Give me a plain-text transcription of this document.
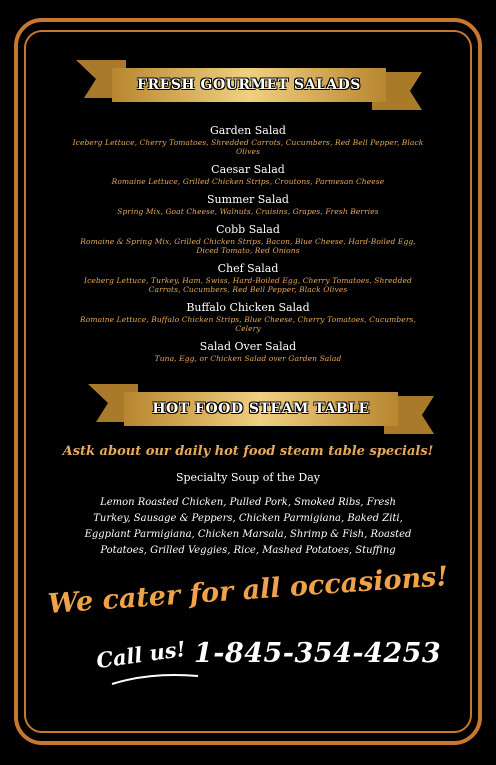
FRESH GOURMET SALADS
Garden Salad
Iceberg Lettuce, Cherry Tomatoes, Shredded Carrots, Cucumbers, Red Bell Pepper, Black Olives
Caesar Salad
Romaine Lettuce, Grilled Chicken Strips, Croutons, Parmesan Cheese
Summer Salad
Spring Mix, Goat Cheese, Walnuts, Craisins, Grapes, Fresh Berries
Cobb Salad
Romaine & Spring Mix, Grilled Chicken Strips, Bacon, Blue Cheese, Hard-Boiled Egg, Diced Tomato, Red Onions
Chef Salad
Iceberg Lettuce, Turkey, Ham, Swiss, Hard-Boiled Egg, Cherry Tomatoes, Shredded Carrots, Cucumbers, Red Bell Pepper, Black Olives
Buffalo Chicken Salad
Romaine Lettuce, Buffalo Chicken Strips, Blue Cheese, Cherry Tomatoes, Cucumbers, Celery
Salad Over Salad
Tuna, Egg, or Chicken Salad over Garden Salad
HOT FOOD STEAM TABLE
Astk about our daily hot food steam table specials!
Specialty Soup of the Day
Lemon Roasted Chicken, Pulled Pork, Smoked Ribs, Fresh Turkey, Sausage & Peppers, Chicken Parmigiana, Baked Ziti, Eggplant Parmigiana, Chicken Marsala, Shrimp & Fish, Roasted Potatoes, Grilled Veggies, Rice, Mashed Potatoes, Stuffing
We cater for all occasions!
Call us! 1-845-354-4253
